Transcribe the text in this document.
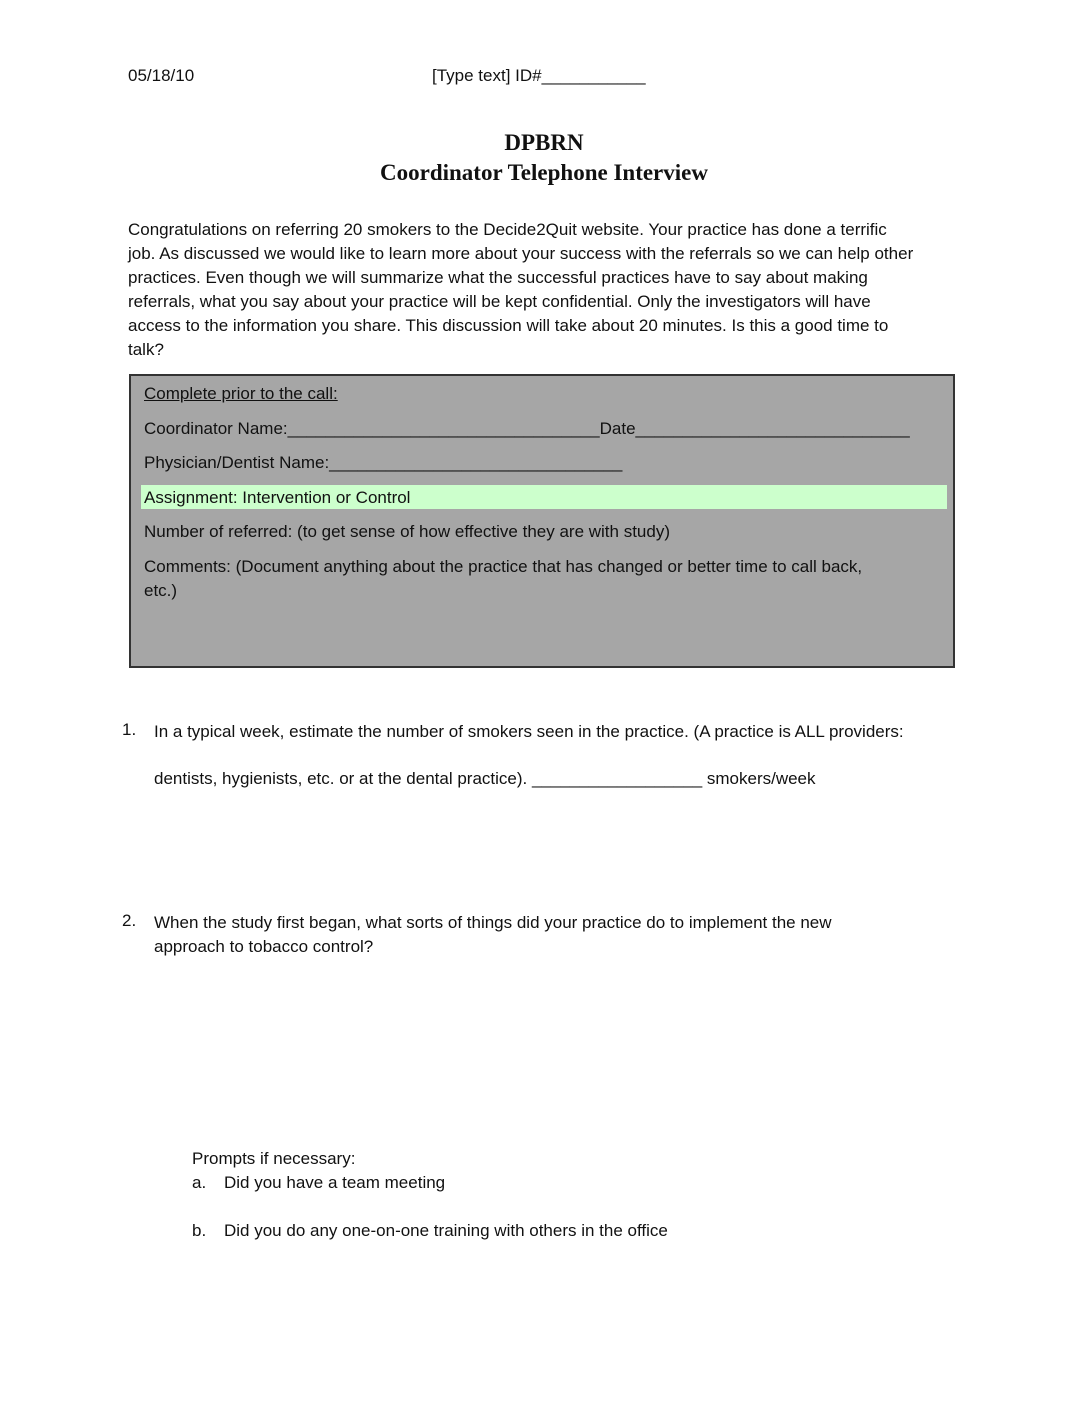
05/18/10	[Type text] ID#___________
DPBRN
Coordinator Telephone Interview
Congratulations on referring 20 smokers to the Decide2Quit website. Your practice has done a terrific
job. As discussed we would like to learn more about your success with the referrals so we can help other
practices. Even though we will summarize what the successful practices have to say about making
referrals, what you say about your practice will be kept confidential. Only the investigators will have
access to the information you share. This discussion will take about 20 minutes. Is this a good time to
talk?
Complete prior to the call:
Coordinator Name:_________________________________Date_____________________________
Physician/Dentist Name:_______________________________
Assignment: Intervention or Control
Number of referred: (to get sense of how effective they are with study)
Comments: (Document anything about the practice that has changed or better time to call back,
etc.)
1. In a typical week, estimate the number of smokers seen in the practice. (A practice is ALL providers:
dentists, hygienists, etc. or at the dental practice). __________________ smokers/week
2. When the study first began, what sorts of things did your practice do to implement the new
approach to tobacco control?
Prompts if necessary:
a. Did you have a team meeting
b. Did you do any one-on-one training with others in the office
